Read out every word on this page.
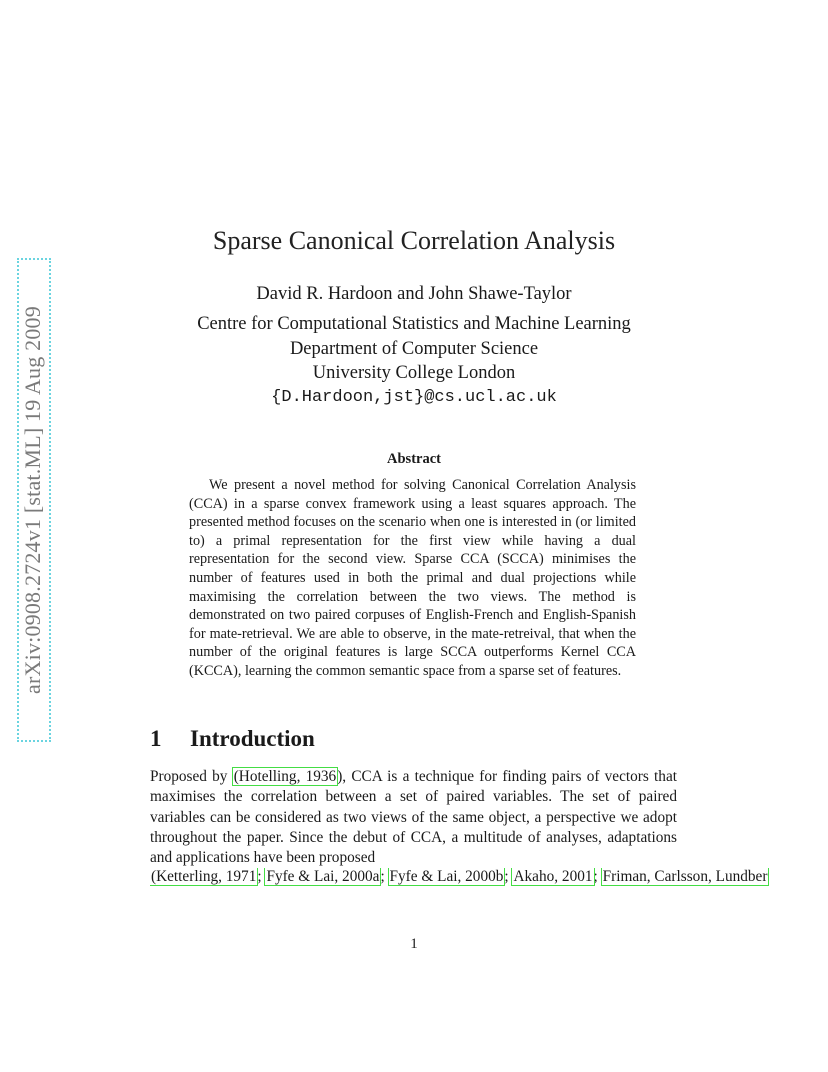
arXiv:0908.2724v1 [stat.ML] 19 Aug 2009
Sparse Canonical Correlation Analysis
David R. Hardoon and John Shawe-Taylor
Centre for Computational Statistics and Machine Learning
Department of Computer Science
University College London
{D.Hardoon,jst}@cs.ucl.ac.uk
Abstract

We present a novel method for solving Canonical Correlation Analysis (CCA) in a sparse convex framework using a least squares approach. The presented method focuses on the scenario when one is interested in (or limited to) a primal representation for the first view while having a dual representation for the second view. Sparse CCA (SCCA) minimises the number of features used in both the primal and dual projections while maximising the correlation between the two views. The method is demonstrated on two paired corpuses of English-French and English-Spanish for mate-retrieval. We are able to observe, in the mate-retreival, that when the number of the original features is large SCCA outperforms Kernel CCA (KCCA), learning the common semantic space from a sparse set of features.

1 Introduction

Proposed by (Hotelling, 1936), CCA is a technique for finding pairs of vectors that maximises the correlation between a set of paired variables. The set of paired variables can be considered as two views of the same object, a perspective we adopt throughout the paper. Since the debut of CCA, a multitude of analyses, adaptations and applications have been proposed

(Ketterling, 1971; Fyfe & Lai, 2000a; Fyfe & Lai, 2000b; Akaho, 2001; Friman, Carlsson, Lundber
1
